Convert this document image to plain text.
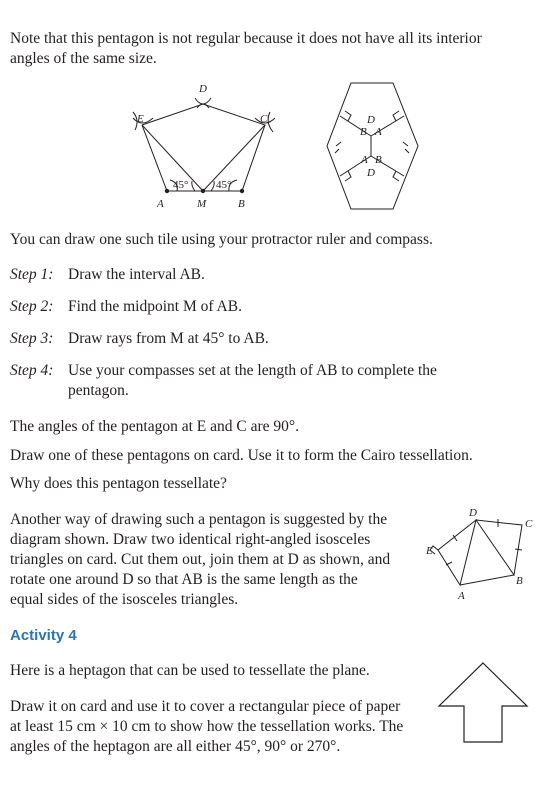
Note that this pentagon is not regular because it does not have all its interior angles of the same size.

E
D
C
A	M	B
45°	45°
D
B A
A B
D

You can draw one such tile using your protractor ruler and compass.

Step 1: Draw the interval AB.
Step 2: Find the midpoint M of AB.
Step 3: Draw rays from M at 45° to AB.
Step 4: Use your compasses set at the length of AB to complete the pentagon.

The angles of the pentagon at E and C are 90°.

Draw one of these pentagons on card. Use it to form the Cairo tessellation.

Why does this pentagon tessellate?

Another way of drawing such a pentagon is suggested by the diagram shown. Draw two identical right-angled isosceles triangles on card. Cut them out, join them at D as shown, and rotate one around D so that AB is the same length as the equal sides of the isosceles triangles.

D
C
E
B
A
Activity 4

Here is a heptagon that can be used to tessellate the plane.

Draw it on card and use it to cover a rectangular piece of paper at least 15 cm × 10 cm to show how the tessellation works. The angles of the heptagon are all either 45°, 90° or 270°.
